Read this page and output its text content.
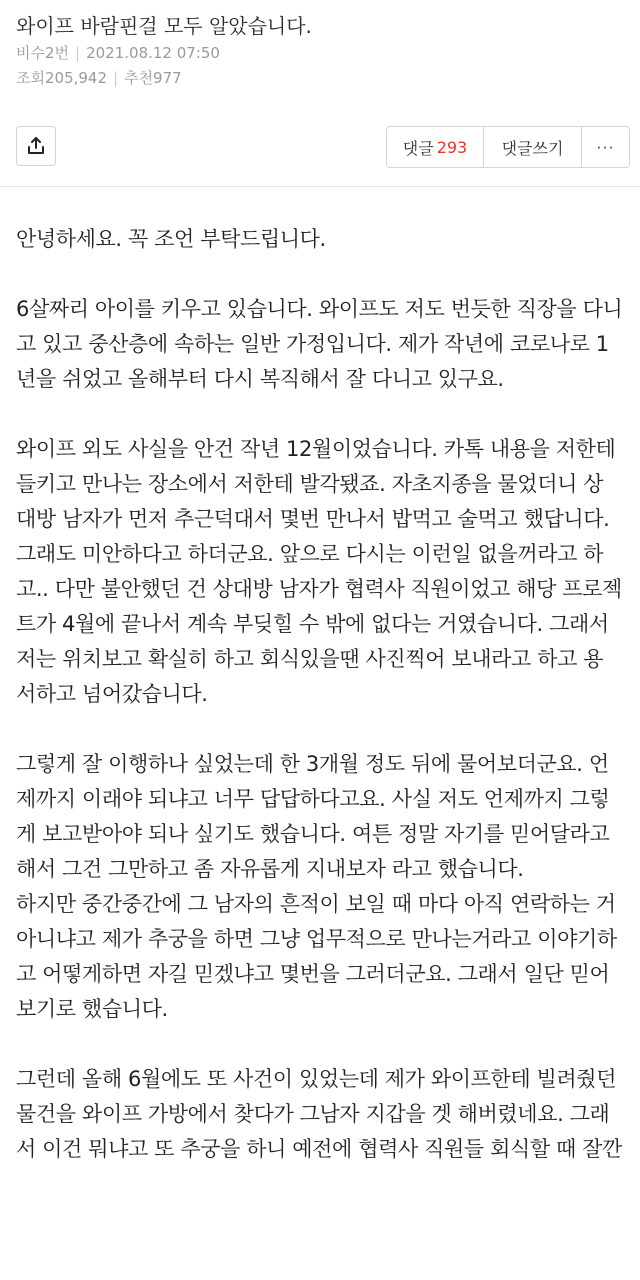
와이프 바람핀걸 모두 알았습니다.
비수2번 | 2021.08.12 07:50
조회205,942 | 추천977
댓글 293	댓글쓰기	···
안녕하세요. 꼭 조언 부탁드립니다.
6살짜리 아이를 키우고 있습니다. 와이프도 저도 번듯한 직장을 다니
고 있고 중산층에 속하는 일반 가정입니다. 제가 작년에 코로나로 1
년을 쉬었고 올해부터 다시 복직해서 잘 다니고 있구요.
와이프 외도 사실을 안건 작년 12월이었습니다. 카톡 내용을 저한테
들키고 만나는 장소에서 저한테 발각됐죠. 자초지종을 물었더니 상
대방 남자가 먼저 추근덕대서 몇번 만나서 밥먹고 술먹고 했답니다.
그래도 미안하다고 하더군요. 앞으로 다시는 이런일 없을꺼라고 하
고.. 다만 불안했던 건 상대방 남자가 협력사 직원이었고 해당 프로젝
트가 4월에 끝나서 계속 부딪힐 수 밖에 없다는 거였습니다. 그래서
저는 위치보고 확실히 하고 회식있을땐 사진찍어 보내라고 하고 용
서하고 넘어갔습니다.
그렇게 잘 이행하나 싶었는데 한 3개월 정도 뒤에 물어보더군요. 언
제까지 이래야 되냐고 너무 답답하다고요. 사실 저도 언제까지 그렇
게 보고받아야 되나 싶기도 했습니다. 여튼 정말 자기를 믿어달라고
해서 그건 그만하고 좀 자유롭게 지내보자 라고 했습니다.
하지만 중간중간에 그 남자의 흔적이 보일 때 마다 아직 연락하는 거
아니냐고 제가 추궁을 하면 그냥 업무적으로 만나는거라고 이야기하
고 어떻게하면 자길 믿겠냐고 몇번을 그러더군요. 그래서 일단 믿어
보기로 했습니다.
그런데 올해 6월에도 또 사건이 있었는데 제가 와이프한테 빌려줬던
물건을 와이프 가방에서 찾다가 그남자 지갑을 겟 해버렸네요. 그래
서 이건 뭐냐고 또 추궁을 하니 예전에 협력사 직원들 회식할 때 잘깐
